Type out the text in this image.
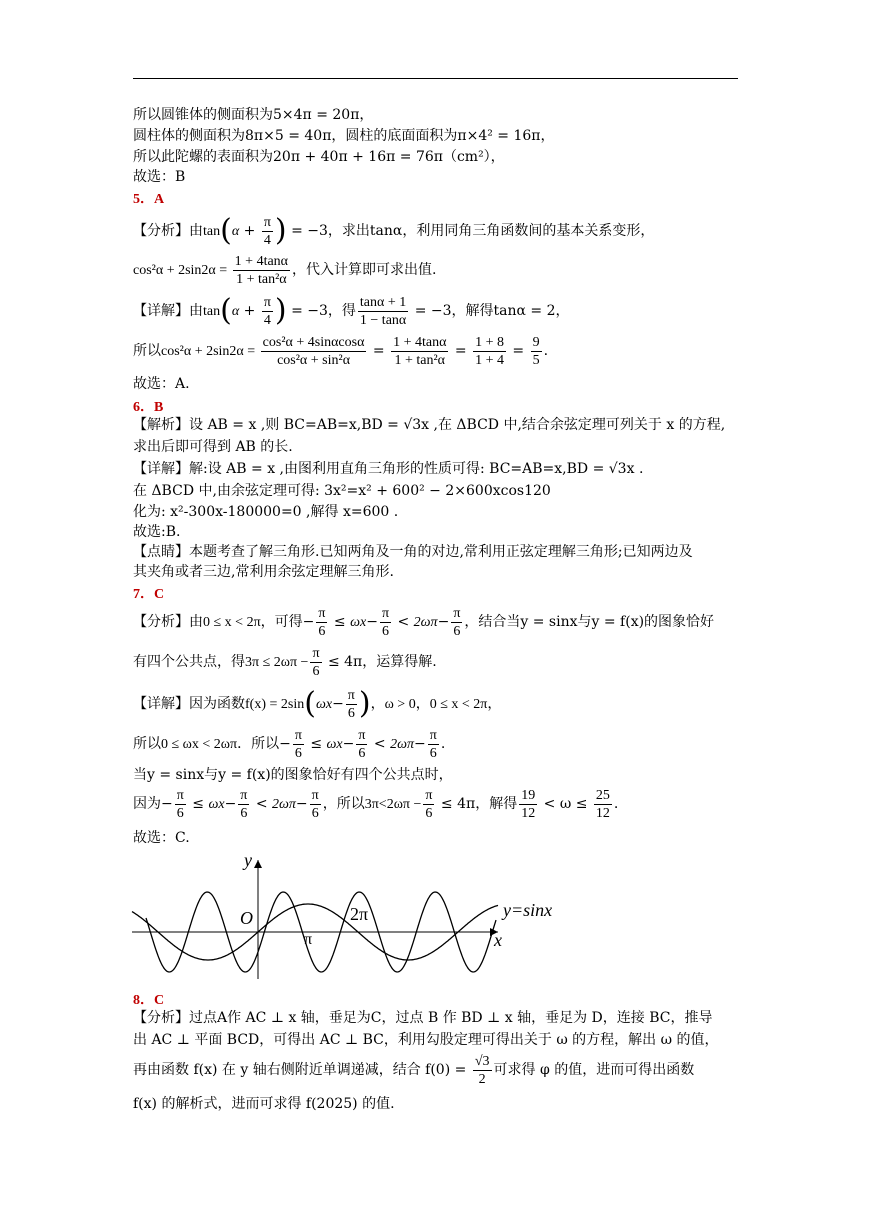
所以圆锥体的侧面积为5×4π = 20π，
圆柱体的侧面积为8π×5 = 40π，圆柱的底面面积为π×4² = 16π，
所以此陀螺的表面积为20π + 40π + 16π = 76π（cm²），
故选：B
5．A
【分析】由$\tan(\alpha + \frac{\pi}{4}$ ) = −3，求出tanα，利用同角三角函数间的基本关系变形，
$\cos^2\alpha + 2\sin 2\alpha = \frac{1 + 4\tan\alpha}{\text{1 + tan²α}}$ ，代入计算即可求出值.
【详解】由$\tan(\alpha + \frac{\pi}{4}$ ) = −3，得 $\frac{\tan\alpha + 1}{1 - \tan\alpha} = -3$，解得tanα = 2，
所以$\cos^2\alpha + 2\sin 2\alpha = \frac{\text{cos²α + 4sinαcosα}}{\text{cos²α + sin²α}} = \frac{1 + 4\tan\alpha}{\text{1 + tan²α}} = \frac{1 + 8}{1 + 4} = \frac{9}{5}$ .
故选：A.
6．B
【解析】设 AB = x ,则 BC=AB=x,BD = √3x ,在 ΔBCD 中,结合余弦定理可列关于 x 的方程,
求出后即可得到 AB 的长.
【详解】解:设 AB = x ,由图利用直角三角形的性质可得: BC=AB=x,BD = √3x .
在 ΔBCD 中,由余弦定理可得: 3x²=x² + 600² − 2×600xcos120
化为: x²-300x-180000=0 ,解得 x=600 .
故选:B.
【点睛】本题考查了解三角形.已知两角及一角的对边,常利用正弦定理解三角形;已知两边及
其夹角或者三边,常利用余弦定理解三角形.
7．C
【分析】由0 ≤ x < 2π，可得− $\frac{\pi}{6} \le \omega x- \frac{\pi}{6} < 2\omega\pi- \frac{\pi}{6}$ ，结合当y = sinx与y = f(x)的图象恰好
有四个公共点，得$3\pi \le 2\omega\pi - \frac{\pi}{6} \le 4\pi$，运算得解.
【详解】因为函数$f(x) = 2\sin(\omega x- \frac{\pi}{6}$ )，ω > 0，0 ≤ x < 2π，
所以0 ≤ ωx < 2ωπ．所以− $\frac{\pi}{6} \le \omega x- \frac{\pi}{6} < 2\omega\pi- \frac{\pi}{6}$ .
当y = sinx与y = f(x)的图象恰好有四个公共点时，
因为− $\frac{\pi}{6} \le \omega x- \frac{\pi}{6} < 2\omega\pi- \frac{\pi}{6}$ ，所以$3\pi<2\omega\pi - \frac{\pi}{6} \le 4\pi$，解得 $\frac{19}{12} < \omega \le \frac{25}{12}$ .
故选：C.
y
x
O
π
2π	y=sinx
8．C
【分析】过点A作 AC ⊥ x 轴，垂足为C，过点 B 作 BD ⊥ x 轴，垂足为 D，连接 BC，推导
出 AC ⊥ 平面 BCD，可得出 AC ⊥ BC，利用勾股定理可得出关于 ω 的方程，解出 ω 的值，
再由函数 f(x) 在 y 轴右侧附近单调递减，结合 $f(0) = \frac{√3}{2}$ 可求得 φ 的值，进而可得出函数
f(x) 的解析式，进而可求得 f(2025) 的值.
